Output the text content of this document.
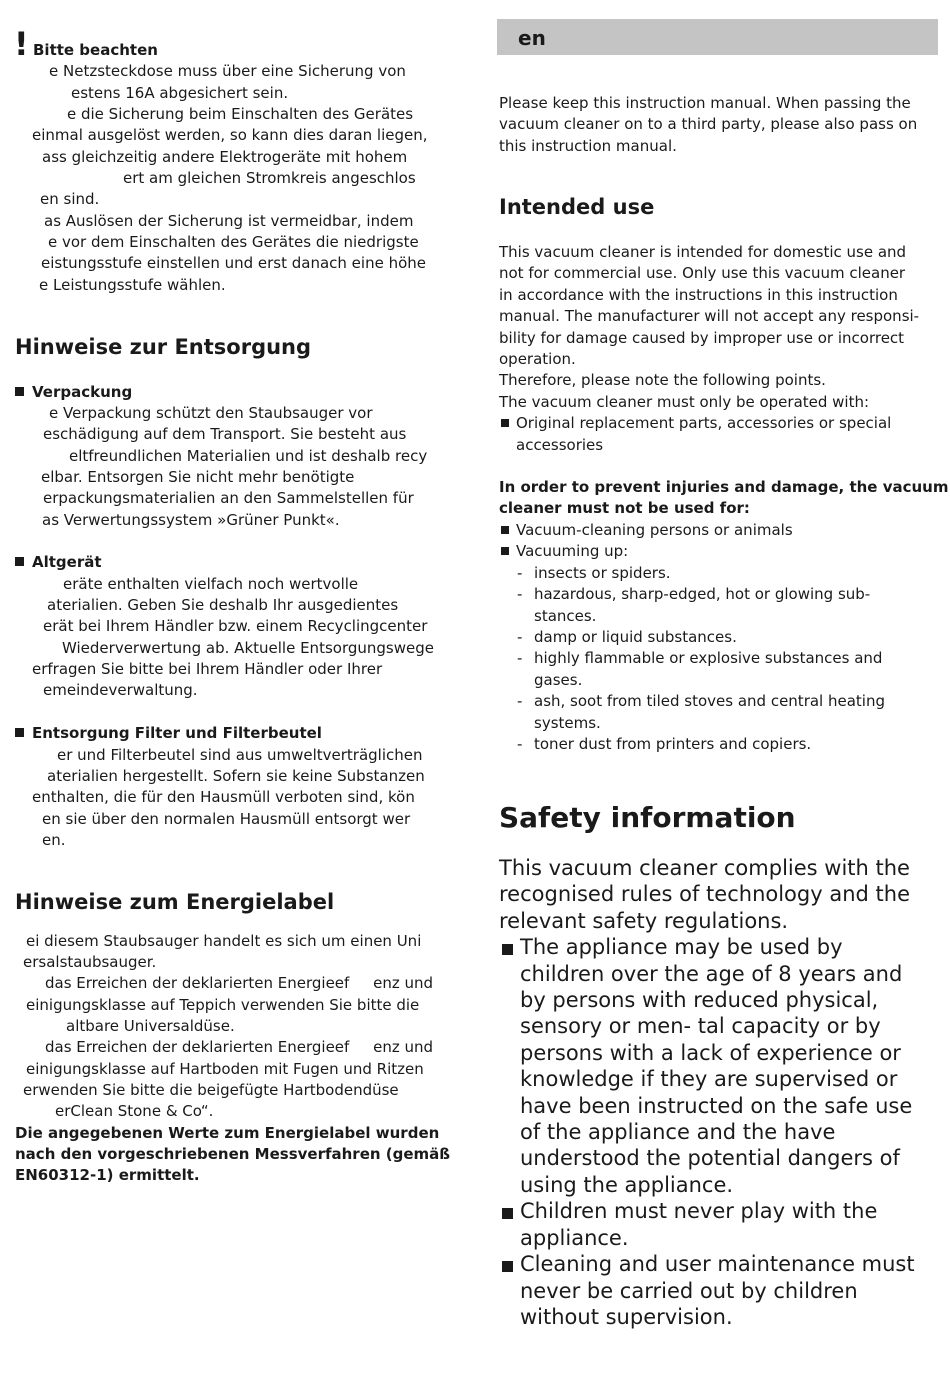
! Bitte beachten
e Netzsteckdose muss über eine Sicherung von
estens 16A abgesichert sein.
e die Sicherung beim Einschalten des Gerätes
einmal ausgelöst werden, so kann dies daran liegen,
ass gleichzeitig andere Elektrogeräte mit hohem
ert am gleichen Stromkreis angeschlos
en sind.
as Auslösen der Sicherung ist vermeidbar, indem
e vor dem Einschalten des Gerätes die niedrigste
eistungsstufe einstellen und erst danach eine höhe
e Leistungsstufe wählen.
Hinweise zur Entsorgung
Verpackung
e Verpackung schützt den Staubsauger vor
eschädigung auf dem Transport. Sie besteht aus
eltfreundlichen Materialien und ist deshalb recy
elbar. Entsorgen Sie nicht mehr benötigte
erpackungsmaterialien an den Sammelstellen für
as Verwertungssystem »Grüner Punkt«.
Altgerät
eräte enthalten vielfach noch wertvolle
aterialien. Geben Sie deshalb Ihr ausgedientes
erät bei Ihrem Händler bzw. einem Recyclingcenter
Wiederverwertung ab. Aktuelle Entsorgungswege
erfragen Sie bitte bei Ihrem Händler oder Ihrer
emeindeverwaltung.
Entsorgung Filter und Filterbeutel
er und Filterbeutel sind aus umweltverträglichen
aterialien hergestellt. Sofern sie keine Substanzen
enthalten, die für den Hausmüll verboten sind, kön
en sie über den normalen Hausmüll entsorgt wer
en.
Hinweise zum Energielabel
ei diesem Staubsauger handelt es sich um einen Uni
ersalstaubsauger.
das Erreichen der deklarierten Energieef     enz und
einigungsklasse auf Teppich verwenden Sie bitte die
altbare Universaldüse.
das Erreichen der deklarierten Energieef     enz und
einigungsklasse auf Hartboden mit Fugen und Ritzen
erwenden Sie bitte die beigefügte Hartbodendüse
erClean Stone & Co“.
Die angegebenen Werte zum Energielabel wurden
nach den vorgeschriebenen Messverfahren (gemäß
EN60312-1) ermittelt.
en
Please keep this instruction manual. When passing the
vacuum cleaner on to a third party, please also pass on
this instruction manual.
Intended use
This vacuum cleaner is intended for domestic use and
not for commercial use. Only use this vacuum cleaner
in accordance with the instructions in this instruction
manual. The manufacturer will not accept any responsi-
bility for damage caused by improper use or incorrect
operation.
Therefore, please note the following points.
The vacuum cleaner must only be operated with:
Original replacement parts, accessories or special accessories
In order to prevent injuries and damage, the vacuum
cleaner must not be used for:
Vacuum-cleaning persons or animals
Vacuuming up:
- insects or spiders.
- hazardous, sharp-edged, hot or glowing sub- stances.
- damp or liquid substances.
- highly flammable or explosive substances and gases.
- ash, soot from tiled stoves and central heating systems.
- toner dust from printers and copiers.
Safety information
This vacuum cleaner complies with the recognised rules of technology and the relevant safety regulations.
The appliance may be used by children over the age of 8 years and by persons with reduced physical, sensory or men- tal capacity or by persons with a lack of experience or knowledge if they are supervised or have been instructed on the safe use of the appliance and the have understood the potential dangers of using the appliance.
Children must never play with the appliance.
Cleaning and user maintenance must never be carried out by children without supervision.
